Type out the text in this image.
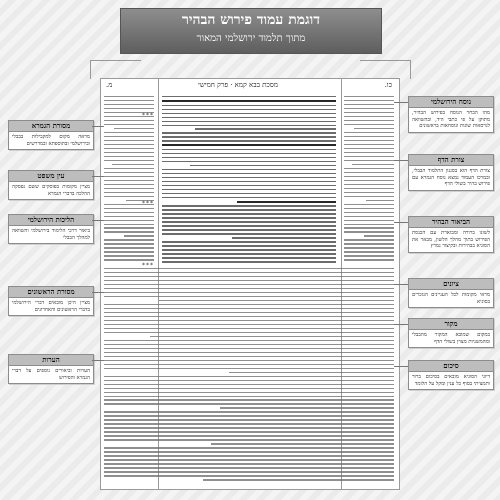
דוגמת עמוד פירוש הבהיר
מתוך תלמוד ירושלמי המאור
כו.
מסכת בבא קמא · פרק חמישי
מ.
***
***
***
נוסח הירושלמי
מהו הבחר הנוסח בפירוש הבהיר, מתוקן על פי כתבי היד, ובהשוואה לגרסאות שונות ונוסחאות בראשונים
צורת הדף
צורת הדף הוא בסגנון התלמוד הבבלי, ובמרכז העמוד נמצא נוסח הגמרא עם פירוש בהיר בשולי הדף
הביאור הבהיר
לשונו ברורה ומבוארת עם הכנסת הפירוש בתוך מהלך הלשון, מבאר את הסוגיא בבהירות ובקיצור נמרץ
ציונים
מראי מקומות לכל העניינים הנזכרים בסוגיא
מקור
במקום שמובא המקור מהבבלי ומהמשניות מצוין בשולי הדף
סיכום
דיוני הסוגיא מובאים בסיכום ברור ותמציתי בסוף כל ענין ומקל על הלומד
מסורת הגמרא
מראה מקום למקבילות בבבלי ובירושלמי ובתוספתא ובמדרשים
עין משפט
מציין מקומות בפוסקים ששם נפסקה ההלכה בדברי הגמרא
הליכות הירושלמי
ביאור דרכי הלימוד בירושלמי והשוואה למהלך הבבלי
מסורת הראשונים
מציין היכן מובאים דברי הירושלמי בדברי הראשונים והאחרונים
הערות
הערות וביאורים נוספים על דברי הגמרא והפירוש
